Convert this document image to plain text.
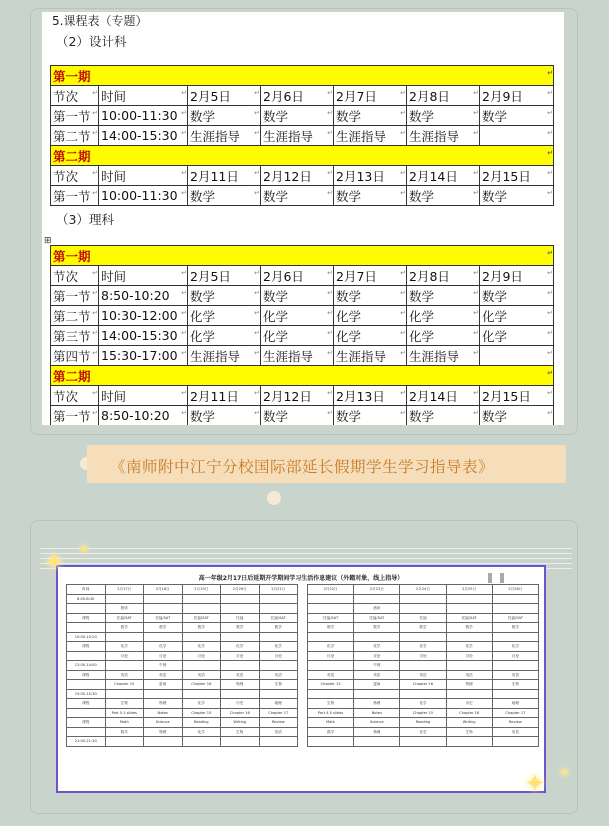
5.课程表（专题）
（2）设计科
第一期 ↵
节次 ↵	时间 ↵	2月5日 ↵	2月6日 ↵	2月7日 ↵	2月8日 ↵	2月9日 ↵
第一节 ↵	10:00-11:30 ↵	数学 ↵	数学 ↵	数学 ↵	数学 ↵	数学 ↵
第二节 ↵	14:00-15:30 ↵	生涯指导 ↵	生涯指导 ↵	生涯指导 ↵	生涯指导 ↵	↵
第二期 ↵
节次 ↵	时间 ↵	2月11日 ↵	2月12日 ↵	2月13日 ↵	2月14日 ↵	2月15日 ↵
第一节 ↵	10:00-11:30 ↵	数学 ↵	数学 ↵	数学 ↵	数学 ↵	数学 ↵
（3）理科
⊞
第一期 ↵
节次 ↵	时间 ↵	2月5日 ↵	2月6日 ↵	2月7日 ↵	2月8日 ↵	2月9日 ↵
第一节 ↵	8:50-10:20 ↵	数学 ↵	数学 ↵	数学 ↵	数学 ↵	数学 ↵
第二节 ↵	10:30-12:00 ↵	化学 ↵	化学 ↵	化学 ↵	化学 ↵	化学 ↵
第三节 ↵	14:00-15:30 ↵	化学 ↵	化学 ↵	化学 ↵	化学 ↵	化学 ↵
第四节 ↵	15:30-17:00 ↵	生涯指导 ↵	生涯指导 ↵	生涯指导 ↵	生涯指导 ↵	↵
第二期 ↵
节次 ↵	时间 ↵	2月11日 ↵	2月12日 ↵	2月13日 ↵	2月14日 ↵	2月15日 ↵
第一节 ↵	8:50-10:20 ↵	数学 ↵	数学 ↵	数学 ↵	数学 ↵	数学 ↵
《南师附中江宁分校国际部延长假期学生学习指导表》
高一年级2月17日后延期开学期间学习生活作息建议（外籍对象，线上指导）
时间	2月17日	2月18日	2月19日	2月20日	2月21日
8:00-8:30					
	晨读				
课程	托福/SAT	托福/SAT	托福/SAT	托福	托福/SAT
	数学	数学	数学	数学	数学
10:00-10:20					
课程	化学	化学	化学	化学	化学
	讨论	讨论	讨论	讨论	讨论
12:00-14:00		午餐			
课程	英语	英语	英语	英语	英语
	Chapter 15	雷雨	Chapter 16	物理	生物
15:00-15:30					
课程	生物	物理	化学	历史	地理
	Part 5.1 slides	Notes	Chapter 15	Chapter 16	Chapter 17
课程	Math	Science	Reading	Writing	Review
	数学	物理	化学	生物	英语
21:00-21:30					
2月22日	2月23日	2月24日	2月25日	2月26日

	晨读			
托福/SAT	托福/SAT	托福	托福/SAT	托福/SAT
数学	数学	数学	数学	数学

化学	化学	化学	化学	化学
讨论	讨论	讨论	讨论	讨论
	午餐			
英语	英语	英语	英语	英语
Chapter 15	雷雨	Chapter 16	物理	生物

生物	物理	化学	历史	地理
Part 4.5 slides	Notes	Chapter 15	Chapter 16	Chapter 17
Math	Science	Reading	Writing	Review
数学	物理	化学	生物	英语

✦ ✦
✦ ✦
